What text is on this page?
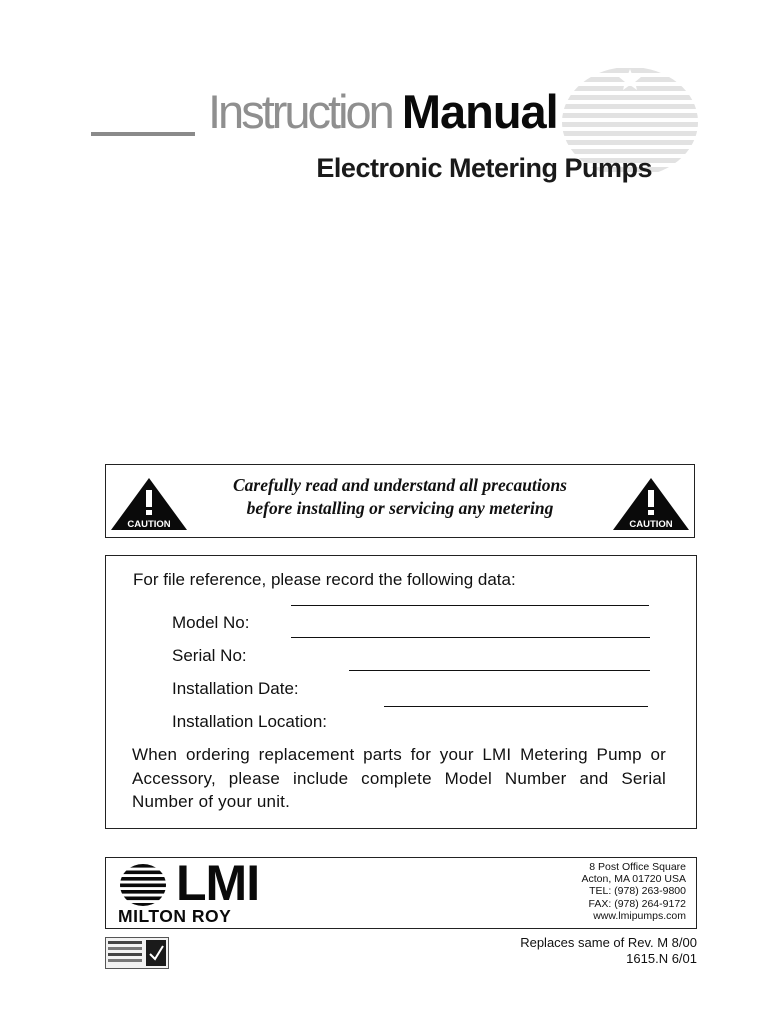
Instruction Manual
Electronic Metering Pumps
CAUTION
Carefully read and understand all precautions
before installing or servicing any metering
CAUTION
For file reference, please record the following data:
Model No:
Serial No:
Installation Date:
Installation Location:
When ordering replacement parts for your LMI Metering Pump or Accessory, please include complete Model Number and Serial Number of your unit.
LMI
MILTON ROY
8 Post Office Square
Acton, MA 01720 USA
TEL: (978) 263-9800
FAX: (978) 264-9172
www.lmipumps.com
Replaces same of Rev. M 8/00
1615.N 6/01
